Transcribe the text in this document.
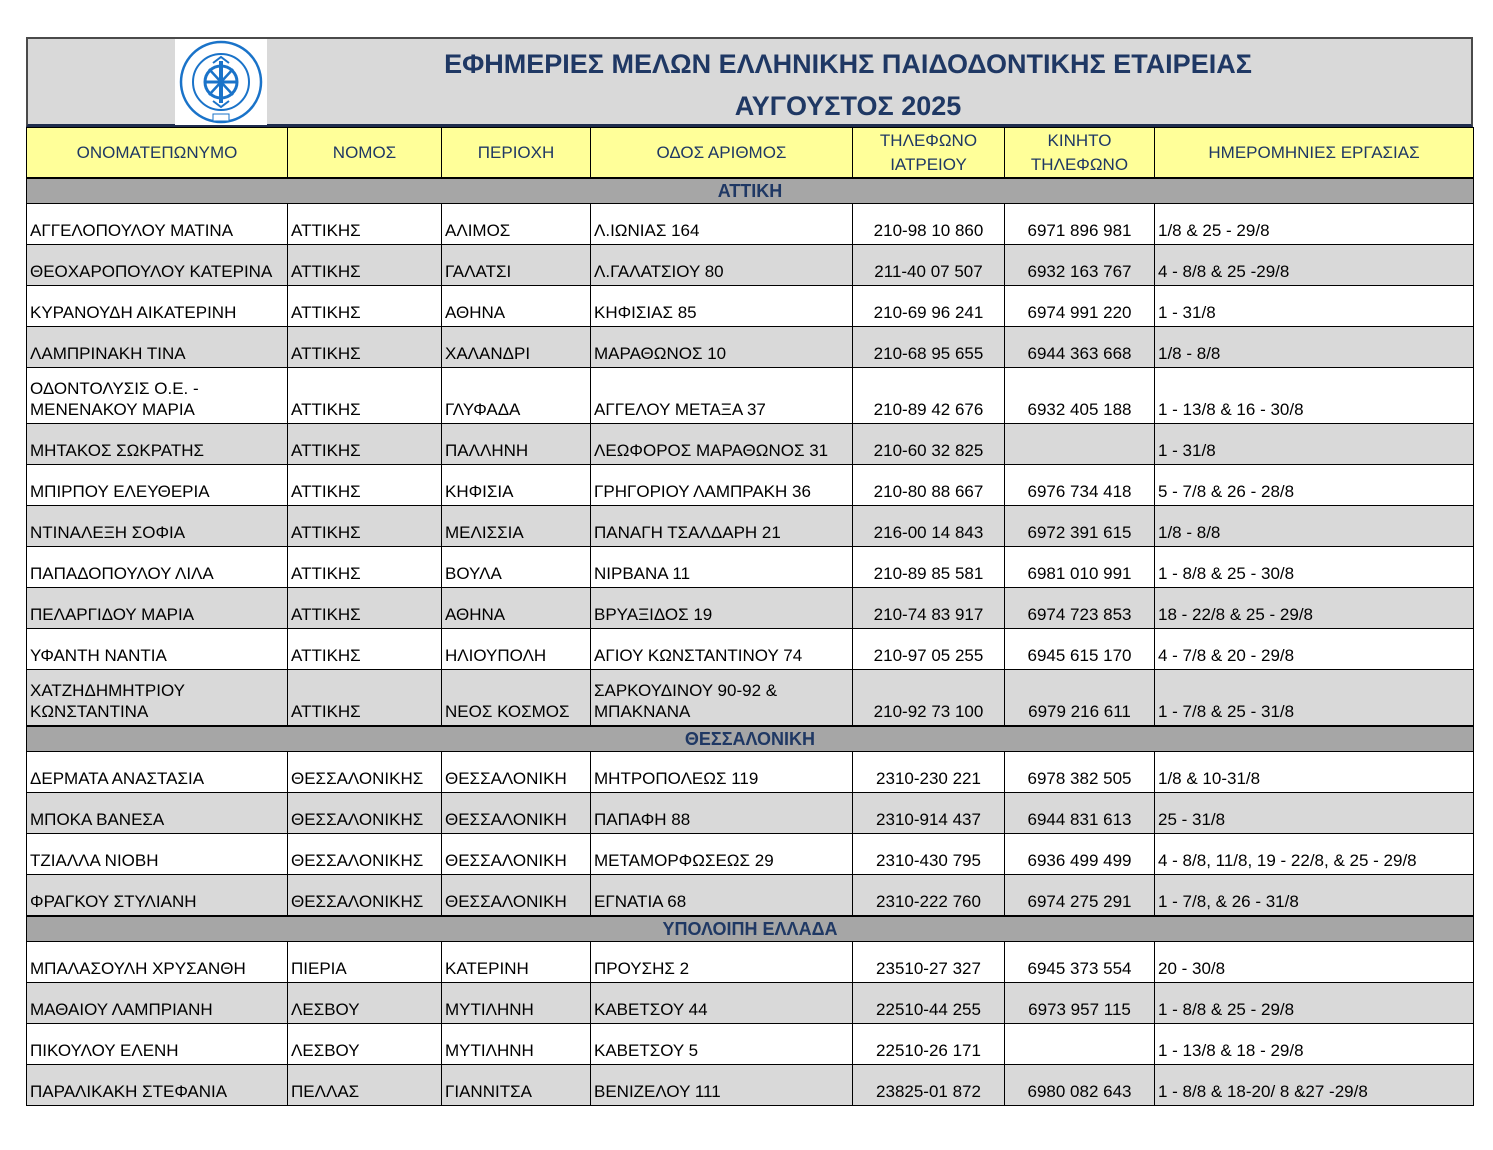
ΕΦΗΜΕΡΙΕΣ ΜΕΛΩΝ ΕΛΛΗΝΙΚΗΣ ΠΑΙΔΟΔΟΝΤΙΚΗΣ ΕΤΑΙΡΕΙΑΣ
ΑΥΓΟΥΣΤΟΣ 2025
ΟΝΟΜΑΤΕΠΩΝΥΜΟ	ΝΟΜΟΣ	ΠΕΡΙΟΧΗ	ΟΔΟΣ ΑΡΙΘΜΟΣ	ΤΗΛΕΦΩΝΟ ΙΑΤΡΕΙΟΥ	ΚΙΝΗΤΟ ΤΗΛΕΦΩΝΟ	ΗΜΕΡΟΜΗΝΙΕΣ ΕΡΓΑΣΙΑΣ
ΑΤΤΙΚΗ						
ΑΓΓΕΛΟΠΟΥΛΟΥ ΜΑΤΙΝΑ	ΑΤΤΙΚΗΣ	ΑΛΙΜΟΣ	Λ.ΙΩΝΙΑΣ 164	210-98 10 860	6971 896 981	1/8 & 25 - 29/8
ΘΕΟΧΑΡΟΠΟΥΛΟΥ ΚΑΤΕΡΙΝΑ	ΑΤΤΙΚΗΣ	ΓΑΛΑΤΣΙ	Λ.ΓΑΛΑΤΣΙΟΥ 80	211-40 07 507	6932 163 767	4 - 8/8 & 25 -29/8
ΚΥΡΑΝΟΥΔΗ ΑΙΚΑΤΕΡΙΝΗ	ΑΤΤΙΚΗΣ	ΑΘΗΝΑ	ΚΗΦΙΣΙΑΣ 85	210-69 96 241	6974 991 220	1 - 31/8
ΛΑΜΠΡΙΝΑΚΗ ΤΙΝΑ	ΑΤΤΙΚΗΣ	ΧΑΛΑΝΔΡΙ	ΜΑΡΑΘΩΝΟΣ 10	210-68 95 655	6944 363 668	1/8 - 8/8
ΟΔΟΝΤΟΛΥΣΙΣ Ο.Ε. - ΜΕΝΕΝΑΚΟΥ ΜΑΡΙΑ	ΑΤΤΙΚΗΣ	ΓΛΥΦΑΔΑ	ΑΓΓΕΛΟΥ ΜΕΤΑΞΑ 37	210-89 42 676	6932 405 188	1 - 13/8 & 16 - 30/8
ΜΗΤΑΚΟΣ ΣΩΚΡΑΤΗΣ	ΑΤΤΙΚΗΣ	ΠΑΛΛΗΝΗ	ΛΕΩΦΟΡΟΣ ΜΑΡΑΘΩΝΟΣ 31	210-60 32 825		1 - 31/8
ΜΠΙΡΠΟΥ ΕΛΕΥΘΕΡΙΑ	ΑΤΤΙΚΗΣ	ΚΗΦΙΣΙΑ	ΓΡΗΓΟΡΙΟΥ ΛΑΜΠΡΑΚΗ 36	210-80 88 667	6976 734 418	5 - 7/8 & 26 - 28/8
ΝΤΙΝΑΛΕΞΗ ΣΟΦΙΑ	ΑΤΤΙΚΗΣ	ΜΕΛΙΣΣΙΑ	ΠΑΝΑΓΗ ΤΣΑΛΔΑΡΗ 21	216-00 14 843	6972 391 615	1/8 - 8/8
ΠΑΠΑΔΟΠΟΥΛΟΥ ΛΙΛΑ	ΑΤΤΙΚΗΣ	ΒΟΥΛΑ	ΝΙΡΒΑΝΑ 11	210-89 85 581	6981 010 991	1 - 8/8 & 25 - 30/8
ΠΕΛΑΡΓΙΔΟΥ ΜΑΡΙΑ	ΑΤΤΙΚΗΣ	ΑΘΗΝΑ	ΒΡΥΑΞΙΔΟΣ 19	210-74 83 917	6974 723 853	18 - 22/8 & 25 - 29/8
ΥΦΑΝΤΗ ΝΑΝΤΙΑ	ΑΤΤΙΚΗΣ	ΗΛΙΟΥΠΟΛΗ	ΑΓΙΟΥ ΚΩΝΣΤΑΝΤΙΝΟΥ 74	210-97 05 255	6945 615 170	4 - 7/8 & 20 - 29/8
ΧΑΤΖΗΔΗΜΗΤΡΙΟΥ ΚΩΝΣΤΑΝΤΙΝΑ	ΑΤΤΙΚΗΣ	ΝΕΟΣ ΚΟΣΜΟΣ	ΣΑΡΚΟΥΔΙΝΟΥ 90-92 & ΜΠΑΚΝΑΝΑ	210-92 73 100	6979 216 611	1 - 7/8 & 25 - 31/8
ΘΕΣΣΑΛΟΝΙΚΗ						
ΔΕΡΜΑΤΑ ΑΝΑΣΤΑΣΙΑ	ΘΕΣΣΑΛΟΝΙΚΗΣ	ΘΕΣΣΑΛΟΝΙΚΗ	ΜΗΤΡΟΠΟΛΕΩΣ 119	2310-230 221	6978 382 505	1/8 & 10-31/8
ΜΠΟΚΑ ΒΑΝΕΣΑ	ΘΕΣΣΑΛΟΝΙΚΗΣ	ΘΕΣΣΑΛΟΝΙΚΗ	ΠΑΠΑΦΗ 88	2310-914 437	6944 831 613	25 - 31/8
ΤΖΙΑΛΛΑ ΝΙΟΒΗ	ΘΕΣΣΑΛΟΝΙΚΗΣ	ΘΕΣΣΑΛΟΝΙΚΗ	ΜΕΤΑΜΟΡΦΩΣΕΩΣ 29	2310-430 795	6936 499 499	4 - 8/8, 11/8, 19 - 22/8, & 25 - 29/8
ΦΡΑΓΚΟΥ ΣΤΥΛΙΑΝΗ	ΘΕΣΣΑΛΟΝΙΚΗΣ	ΘΕΣΣΑΛΟΝΙΚΗ	ΕΓΝΑΤΙΑ 68	2310-222 760	6974 275 291	1 - 7/8, & 26 - 31/8
ΥΠΟΛΟΙΠΗ ΕΛΛΑΔΑ						
ΜΠΑΛΑΣΟΥΛΗ ΧΡΥΣΑΝΘΗ	ΠΙΕΡΙΑ	ΚΑΤΕΡΙΝΗ	ΠΡΟΥΣΗΣ 2	23510-27 327	6945 373 554	20 - 30/8
ΜΑΘΑΙΟΥ ΛΑΜΠΡΙΑΝΗ	ΛΕΣΒΟΥ	ΜΥΤΙΛΗΝΗ	ΚΑΒΕΤΣΟΥ 44	22510-44 255	6973 957 115	1 - 8/8 & 25 - 29/8
ΠΙΚΟΥΛΟΥ ΕΛΕΝΗ	ΛΕΣΒΟΥ	ΜΥΤΙΛΗΝΗ	ΚΑΒΕΤΣΟΥ 5	22510-26 171		1 - 13/8 & 18 - 29/8
ΠΑΡΑΛΙΚΑΚΗ ΣΤΕΦΑΝΙΑ	ΠΕΛΛΑΣ	ΓΙΑΝΝΙΤΣΑ	ΒΕΝΙΖΕΛΟΥ 111	23825-01 872	6980 082 643	1 - 8/8 & 18-20/ 8 &27 -29/8
